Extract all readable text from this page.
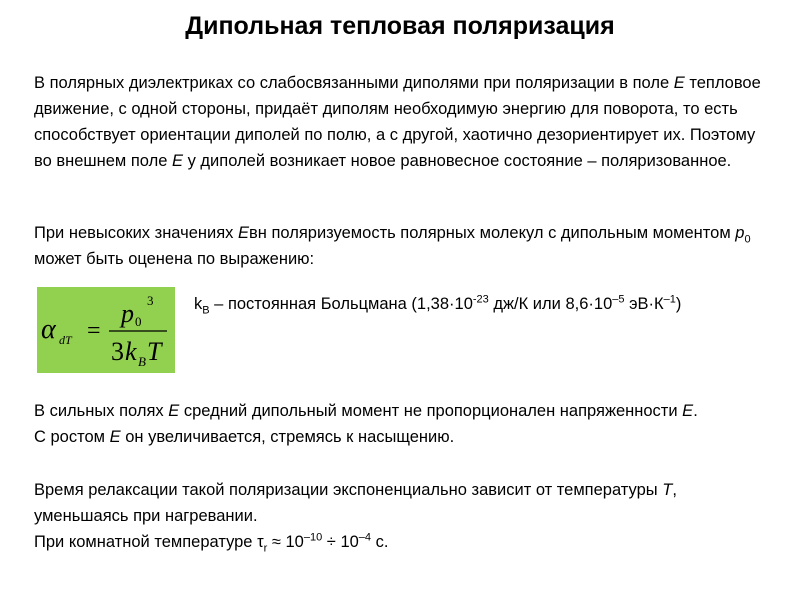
Дипольная тепловая поляризация
В полярных диэлектриках со слабосвязанными диполями при поляризации в поле E тепловое движение, с одной стороны, придаёт диполям необходимую энергию для поворота, то есть способствует ориентации диполей по полю, а с другой, хаотично дезориентирует их. Поэтому во внешнем поле E у диполей возникает новое равновесное состояние – поляризованное.
При невысоких значениях Eвн поляризуемость полярных молекул с дипольным моментом $p_0$ может быть оценена по выражению:
α dT =
p 0
3
3 k B T
$k_B$ – постоянная Больцмана ($1,38\cdot 10^{-23}$ дж/К или $8,6\cdot 10^{-5}$ $эВ\cdot К^{-1}$)
В сильных полях E средний дипольный момент не пропорционален напряженности E.
С ростом E он увеличивается, стремясь к насыщению.
Время релаксации такой поляризации экспоненциально зависит от температуры T,
уменьшаясь при нагревании.
При комнатной температуре $\tau_r \approx 10^{-10} \div 10^{-4}$ с.
